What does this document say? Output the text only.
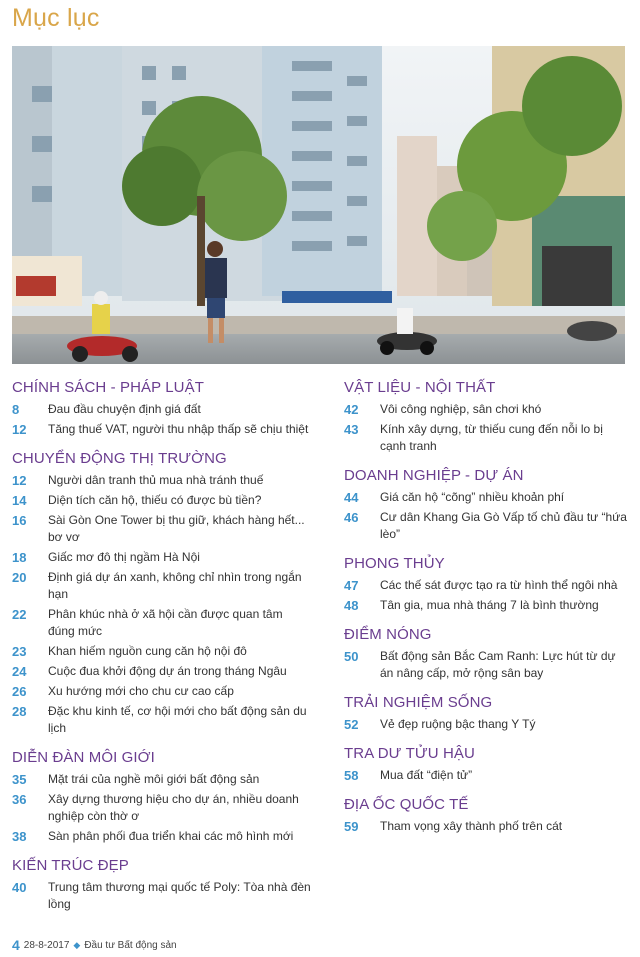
Mục lục
CHÍNH SÁCH - PHÁP LUẬT
8	Đau đầu chuyện định giá đất
12	Tăng thuế VAT, người thu nhập thấp sẽ chịu thiệt
CHUYỂN ĐỘNG THỊ TRƯỜNG
12	Người dân tranh thủ mua nhà tránh thuế
14	Diện tích căn hộ, thiếu có được bù tiền?
16	Sài Gòn One Tower bị thu giữ, khách hàng hết... bơ vơ
18	Giấc mơ đô thị ngầm Hà Nội
20	Định giá dự án xanh, không chỉ nhìn trong ngắn hạn
22	Phân khúc nhà ở xã hội cần được quan tâm đúng mức
23	Khan hiếm nguồn cung căn hộ nội đô
24	Cuộc đua khởi động dự án trong tháng Ngâu
26	Xu hướng mới cho chu cư cao cấp
28	Đặc khu kinh tế, cơ hội mới cho bất động sản du lịch
DIỄN ĐÀN MÔI GIỚI
35	Mặt trái của nghề môi giới bất động sản
36	Xây dựng thương hiệu cho dự án, nhiều doanh nghiệp còn thờ ơ
38	Sàn phân phối đua triển khai các mô hình mới
KIẾN TRÚC ĐẸP
40	Trung tâm thương mại quốc tế Poly: Tòa nhà đèn lồng
VẬT LIỆU - NỘI THẤT
42	Vôi công nghiệp, sân chơi khó
43	Kính xây dựng, từ thiếu cung đến nỗi lo bị cạnh tranh
DOANH NGHIỆP - DỰ ÁN
44	Giá căn hộ “cõng” nhiều khoản phí
46	Cư dân Khang Gia Gò Vấp tố chủ đầu tư “hứa lèo”
PHONG THỦY
47	Các thế sát được tạo ra từ hình thể ngôi nhà
48	Tân gia, mua nhà tháng 7 là bình thường
ĐIỂM NÓNG
50	Bất động sản Bắc Cam Ranh: Lực hút từ dự án nâng cấp, mở rộng sân bay
TRẢI NGHIỆM SỐNG
52	Vẻ đẹp ruộng bậc thang Y Tý
TRA DƯ TỬU HẬU
58	Mua đất “điện tử”
ĐỊA ỐC QUỐC TẾ
59	Tham vọng xây thành phố trên cát
4 28-8-2017 ◆ Đầu tư Bất động sản
